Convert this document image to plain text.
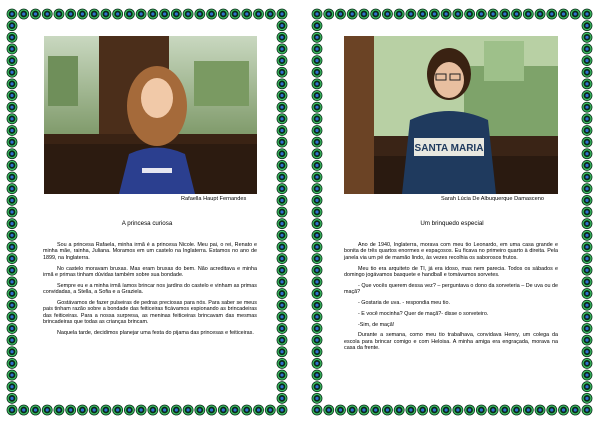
Rafaella Haupt Fernandes
A princesa curiosa

Sou a princesa Rafaela, minha irmã é a princesa Nicole. Meu pai, o rei, Renato e minha mãe, rainha, Juliana. Moramos em um castelo na Inglaterra. Estamos no ano de 1899, na Inglaterra.

No castelo moravam bruxas. Mas eram bruxas do bem. Não acreditava e minha irmã e primas tinham dúvidas também sobre sua bondade.

Sempre eu e a minha irmã íamos brincar nos jardins do castelo e vinham as primas convidadas, a Stella, a Sofia e a Graziela.

Gostávamos de fazer pulseiras de pedras preciosas para nós. Para saber se meus pais tinham razão sobre a bondade das feiticeiras ficávamos espionando as brincadeiras das feiticeiras. Para a nossa surpresa, as meninas feiticeiras brincavam das mesmas brincadeiras que todas as crianças brincam.

Naquela tarde, decidimos planejar uma festa do pijama das princesas e feiticeiras.

SANTA MARIA
Sarah Lúcia De Albuquerque Damasceno
Um brinquedo especial

Ano de 1940, Inglaterra, morava com meu tio Leonardo, em uma casa grande e bonita de três quartos enormes e espaçosos. Eu ficava no primeiro quarto à direita. Pela janela via um pé de mamão lindo, às vezes recolhia os saborosos frutos.

Meu tio era arquiteto de TI, já era idoso, mas nem parecia. Todos os sábados e domingo jogávamos basquete e handball e tomávamos sorvetes.

- Que vocês querem dessa vez? – perguntava o dono da sorveteria – De uva ou de maçã?

- Gostaria de uva. - respondia meu tio.

- E você mocinha? Quer de maçã?- disse o sorveteiro.

-Sim, de maçã!

Durante a semana, como meu tio trabalhava, convidava Henry, um colega da escola para brincar comigo e com Heloisa. A minha amiga era engraçada, morava na casa da frente.
